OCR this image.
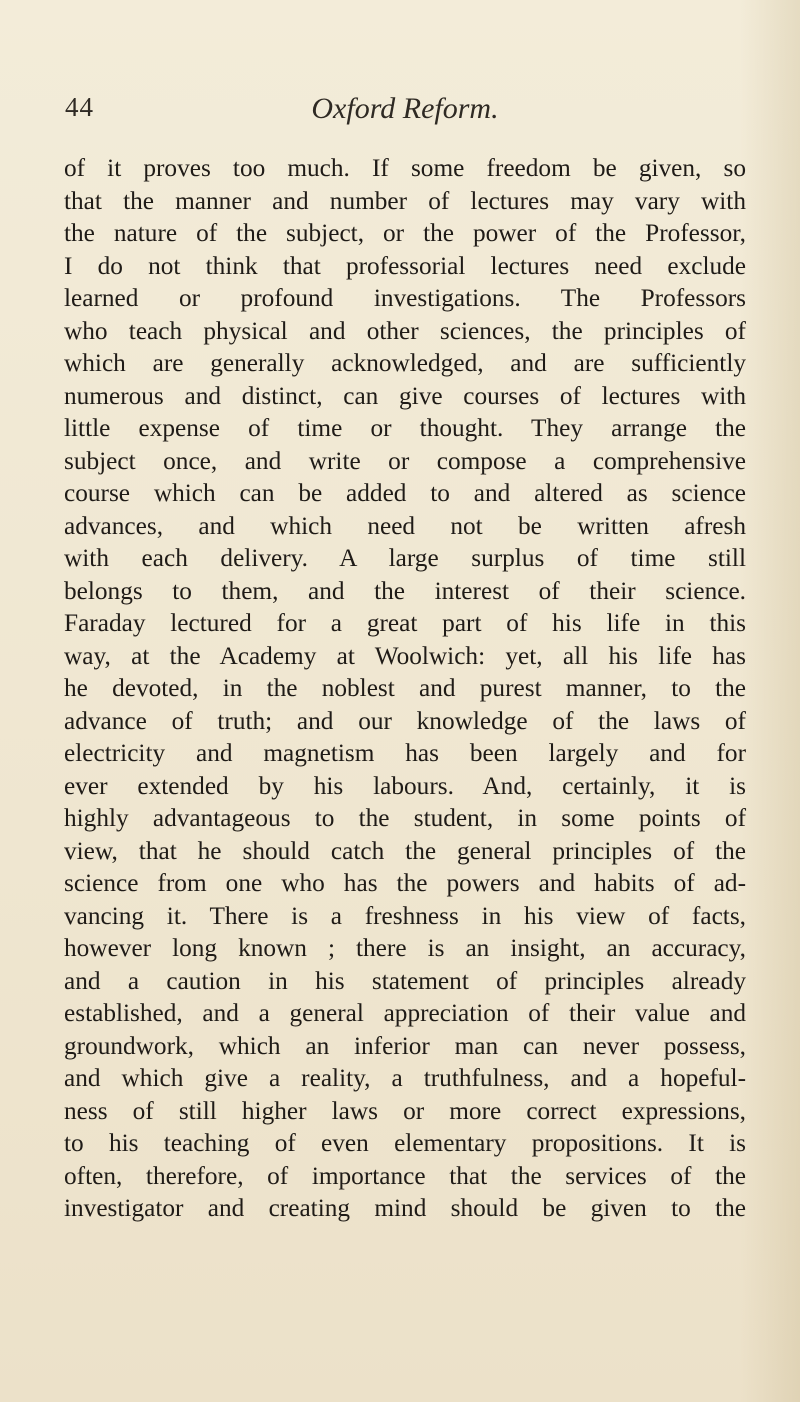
44	Oxford Reform.
of it proves too much. If some freedom be given, so
that the manner and number of lectures may vary with
the nature of the subject, or the power of the Professor,
I do not think that professorial lectures need exclude
learned or profound investigations. The Professors
who teach physical and other sciences, the principles of
which are generally acknowledged, and are sufficiently
numerous and distinct, can give courses of lectures with
little expense of time or thought. They arrange the
subject once, and write or compose a comprehensive
course which can be added to and altered as science
advances, and which need not be written afresh
with each delivery. A large surplus of time still
belongs to them, and the interest of their science.
Faraday lectured for a great part of his life in this
way, at the Academy at Woolwich: yet, all his life has
he devoted, in the noblest and purest manner, to the
advance of truth; and our knowledge of the laws of
electricity and magnetism has been largely and for
ever extended by his labours. And, certainly, it is
highly advantageous to the student, in some points of
view, that he should catch the general principles of the
science from one who has the powers and habits of ad-
vancing it. There is a freshness in his view of facts,
however long known ; there is an insight, an accuracy,
and a caution in his statement of principles already
established, and a general appreciation of their value and
groundwork, which an inferior man can never possess,
and which give a reality, a truthfulness, and a hopeful-
ness of still higher laws or more correct expressions,
to his teaching of even elementary propositions. It is
often, therefore, of importance that the services of the
investigator and creating mind should be given to the
